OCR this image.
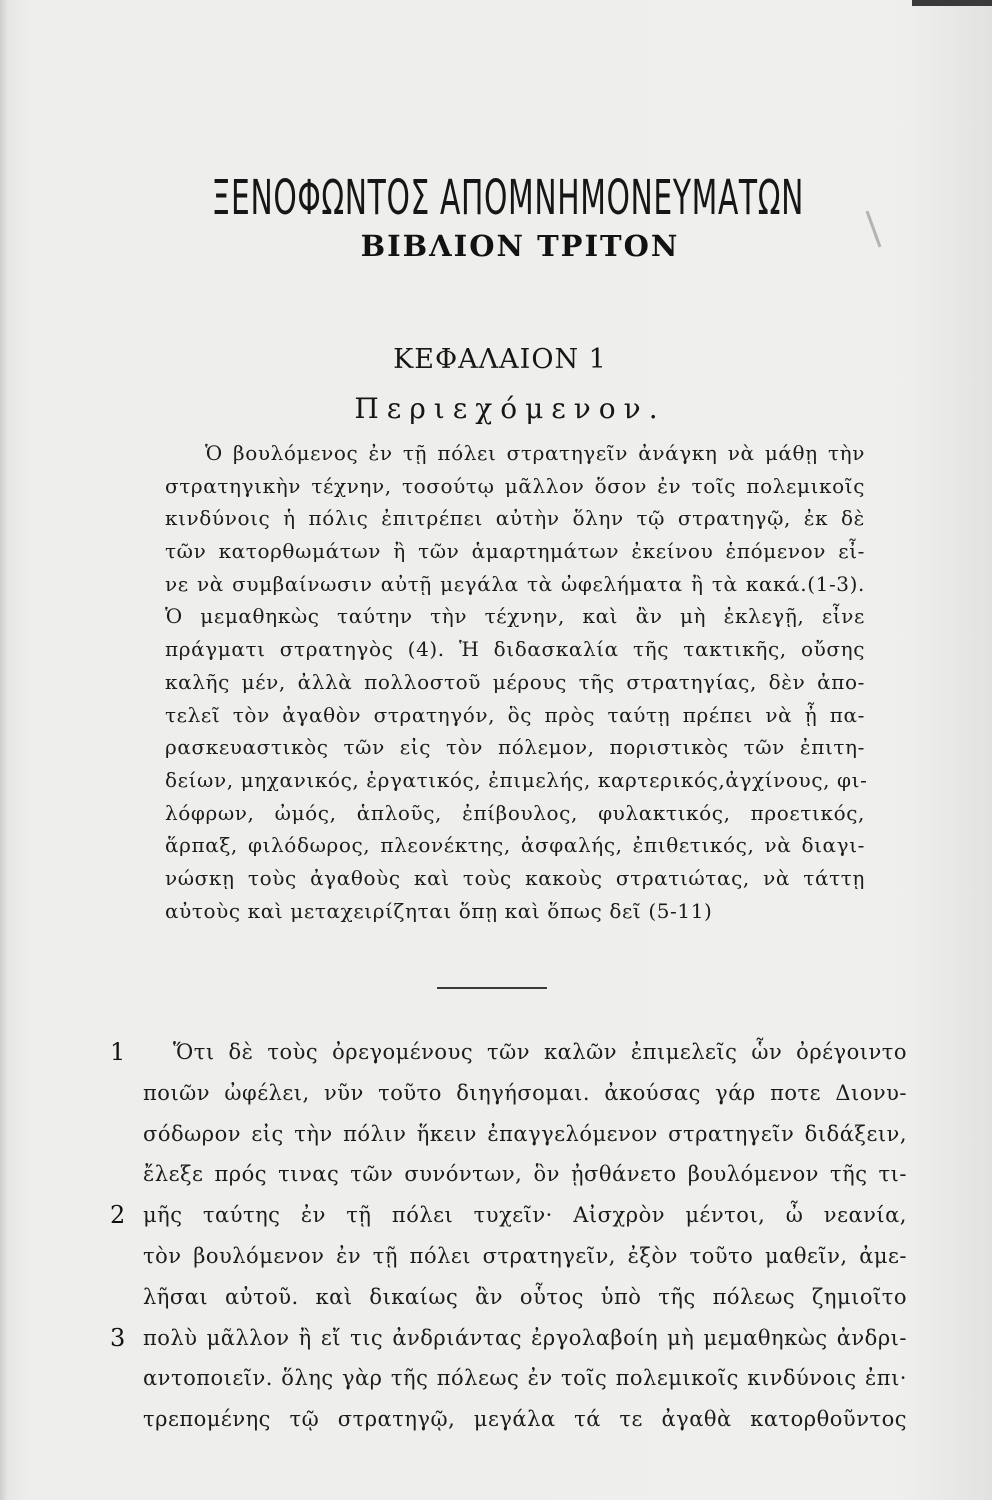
ΞΕΝΟΦΩΝΤΟΣ ΑΠΟΜΝΗΜΟΝΕΥΜΑΤΩΝ
ΒΙΒΛΙΟΝ ΤΡΙΤΟΝ
ΚΕΦΑΛΑΙΟΝ 1
Περιεχόμενον.
Ὁ βουλόμενος ἐν τῇ πόλει στρατηγεῖν ἀνάγκη νὰ μάθῃ τὴν
στρατηγικὴν τέχνην, τοσούτῳ μᾶλλον ὅσον ἐν τοῖς πολεμικοῖς
κινδύνοις ἡ πόλις ἐπιτρέπει αὐτὴν ὅλην τῷ στρατηγῷ, ἐκ δὲ
τῶν κατορθωμάτων ἢ τῶν ἁμαρτημάτων ἐκείνου ἑπόμενον εἶ-
νε νὰ συμβαίνωσιν αὐτῇ μεγάλα τὰ ὠφελήματα ἢ τὰ κακά.(1-3).
Ὁ μεμαθηκὼς ταύτην τὴν τέχνην, καὶ ἂν μὴ ἐκλεγῇ, εἶνε
πράγματι στρατηγὸς (4). Ἡ διδασκαλία τῆς τακτικῆς, οὔσης
καλῆς μέν, ἀλλὰ πολλοστοῦ μέρους τῆς στρατηγίας, δὲν ἀπο-
τελεῖ τὸν ἀγαθὸν στρατηγόν, ὃς πρὸς ταύτῃ πρέπει νὰ ᾖ πα-
ρασκευαστικὸς τῶν εἰς τὸν πόλεμον, ποριστικὸς τῶν ἐπιτη-
δείων, μηχανικός, ἐργατικός, ἐπιμελής, καρτερικός,ἀγχίνους, φι-
λόφρων, ὠμός, ἁπλοῦς, ἐπίβουλος, φυλακτικός, προετικός,
ἅρπαξ, φιλόδωρος, πλεονέκτης, ἀσφαλής, ἐπιθετικός, νὰ διαγι-
νώσκῃ τοὺς ἀγαθοὺς καὶ τοὺς κακοὺς στρατιώτας, νὰ τάττῃ
αὐτοὺς καὶ μεταχειρίζηται ὅπῃ καὶ ὅπως δεῖ (5-11)
1
2
3
Ὅτι δὲ τοὺς ὀρεγομένους τῶν καλῶν ἐπιμελεῖς ὧν ὀρέγοιντο
ποιῶν ὠφέλει, νῦν τοῦτο διηγήσομαι. ἀκούσας γάρ ποτε Διονυ-
σόδωρον εἰς τὴν πόλιν ἥκειν ἐπαγγελόμενον στρατηγεῖν διδάξειν,
ἔλεξε πρός τινας τῶν συνόντων, ὃν ᾐσθάνετο βουλόμενον τῆς τι-
μῆς ταύτης ἐν τῇ πόλει τυχεῖν· Αἰσχρὸν μέντοι, ὦ νεανία,
τὸν βουλόμενον ἐν τῇ πόλει στρατηγεῖν, ἐξὸν τοῦτο μαθεῖν, ἀμε-
λῆσαι αὐτοῦ. καὶ δικαίως ἂν οὗτος ὑπὸ τῆς πόλεως ζημιοῖτο
πολὺ μᾶλλον ἢ εἴ τις ἀνδριάντας ἐργολαβοίη μὴ μεμαθηκὼς ἀνδρι-
αντοποιεῖν. ὅλης γὰρ τῆς πόλεως ἐν τοῖς πολεμικοῖς κινδύνοις ἐπι·
τρεπομένης τῷ στρατηγῷ, μεγάλα τά τε ἀγαθὰ κατορθοῦντος
